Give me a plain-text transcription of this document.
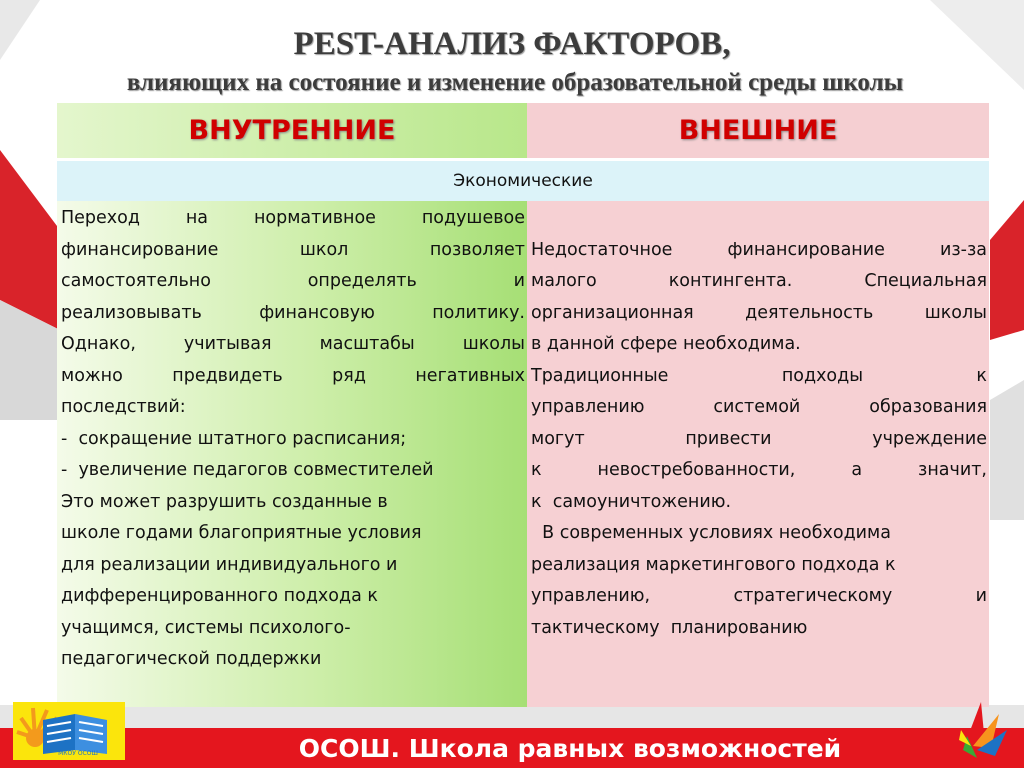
PEST-АНАЛИЗ ФАКТОРОВ,
влияющих на состояние и изменение образовательной среды школы
ВНУТРЕННИЕ	ВНЕШНИЕ
Экономические
Переход на нормативное подушевое
финансирование школ позволяет
самостоятельно определять и
реализовывать финансовую политику.
Однако, учитывая масштабы школы
можно предвидеть ряд негативных
последствий:
-  сокращение штатного расписания;
-  увеличение педагогов совместителей
Это может разрушить созданные в
школе годами благоприятные условия
для реализации индивидуального и
дифференцированного подхода к
учащимся, системы психолого-
педагогической поддержки

Недостаточное финансирование из-за
малого контингента. Специальная
организационная деятельность школы
в данной сфере необходима.
Традиционные подходы к
управлению системой образования
могут привести учреждение
к невостребованности, а значит,
к  самоуничтожению.
В современных условиях необходима
реализация маркетингового подхода к
управлению, стратегическому и
тактическому  планированию
МКОУ ОСОШ	ОСОШ. Школа равных возможностей
